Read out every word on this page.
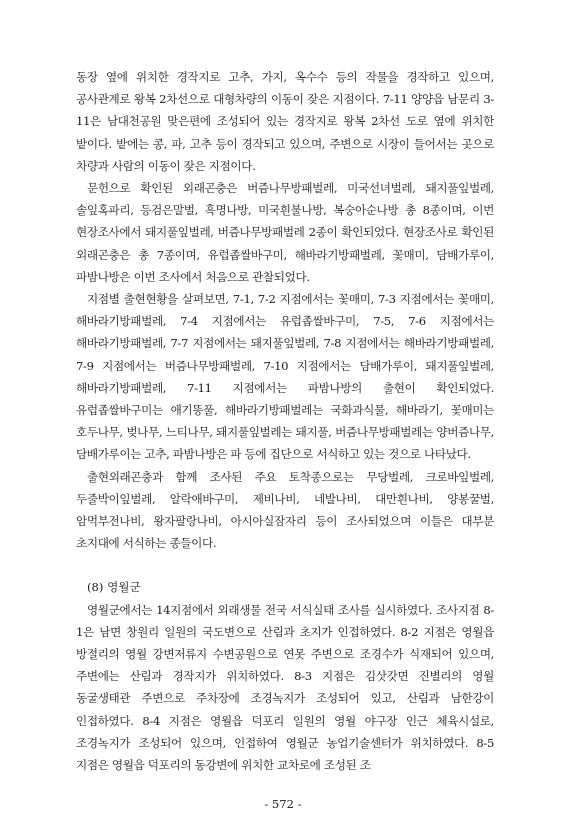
동장 옆에 위치한 경작지로 고추, 가지, 옥수수 등의 작물을 경작하고 있으며, 공사관계로 왕복 2차선으로 대형차량의 이동이 잦은 지점이다. 7-11 양양읍 남문리 3-11은 남대천공원 맞은편에 조성되어 있는 경작지로 왕복 2차선 도로 옆에 위치한 밭이다. 밭에는 콩, 파, 고추 등이 경작되고 있으며, 주변으로 시장이 들어서는 곳으로 차량과 사람의 이동이 잦은 지점이다.

문헌으로 확인된 외래곤충은 버즘나무방패벌레, 미국선녀벌레, 돼지풀잎벌레, 솔잎혹파리, 등검은말벌, 흑명나방, 미국흰불나방, 복숭아순나방 총 8종이며, 이번 현장조사에서 돼지풀잎벌레, 버즘나무방패벌레 2종이 확인되었다. 현장조사로 확인된 외래곤충은 총 7종이며, 유럽좁쌀바구미, 해바라기방패벌레, 꽃매미, 담배가루이, 파밤나방은 이번 조사에서 처음으로 관찰되었다.

지점별 출현현황을 살펴보면, 7-1, 7-2 지점에서는 꽃매미, 7-3 지점에서는 꽃매미, 해바라기방패벌레, 7-4 지점에서는 유럽좁쌀바구미, 7-5, 7-6 지점에서는 해바라기방패벌레, 7-7 지점에서는 돼지풀잎벌레, 7-8 지점에서는 해바라기방패벌레, 7-9 지점에서는 버즘나무방패벌레, 7-10 지점에서는 담배가루이, 돼지풀잎벌레, 해바라기방패벌레, 7-11 지점에서는 파밤나방의 출현이 확인되었다. 유럽좁쌀바구미는 애기똥풀, 해바라기방패벌레는 국화과식물, 해바라기, 꽃매미는 호두나무, 벚나무, 느티나무, 돼지풀잎벌레는 돼지풀, 버즘나무방패벌레는 양버즘나무, 담배가루이는 고추, 파밤나방은 파 등에 집단으로 서식하고 있는 것으로 나타났다.

출현외래곤충과 함께 조사된 주요 토착종으로는 무당벌레, 크로바잎벌레, 두줄박이잎벌레, 알락애바구미, 제비나비, 네발나비, 대만흰나비, 양봉꿀벌, 암먹부전나비, 왕자팔랑나비, 아시아실잠자리 등이 조사되었으며 이들은 대부분 초지대에 서식하는 종들이다.

(8) 영월군

영월군에서는 14지점에서 외래생물 전국 서식실태 조사를 실시하였다. 조사지점 8-1은 남면 창원리 일원의 국도변으로 산림과 초지가 인접하였다. 8-2 지점은 영월읍 방절리의 영월 강변저류지 수변공원으로 연못 주변으로 조경수가 식재되어 있으며, 주변에는 산림과 경작지가 위치하였다. 8-3 지점은 김삿갓면 진별리의 영월 동굴생태관 주변으로 주차장에 조경녹지가 조성되어 있고, 산림과 남한강이 인접하였다. 8-4 지점은 영월읍 덕포리 일원의 영월 야구장 인근 체육시설로, 조경녹지가 조성되어 있으며, 인접하여 영월군 농업기술센터가 위치하였다. 8-5 지점은 영월읍 덕포리의 동강변에 위치한 교차로에 조성된 조

- 572 -
